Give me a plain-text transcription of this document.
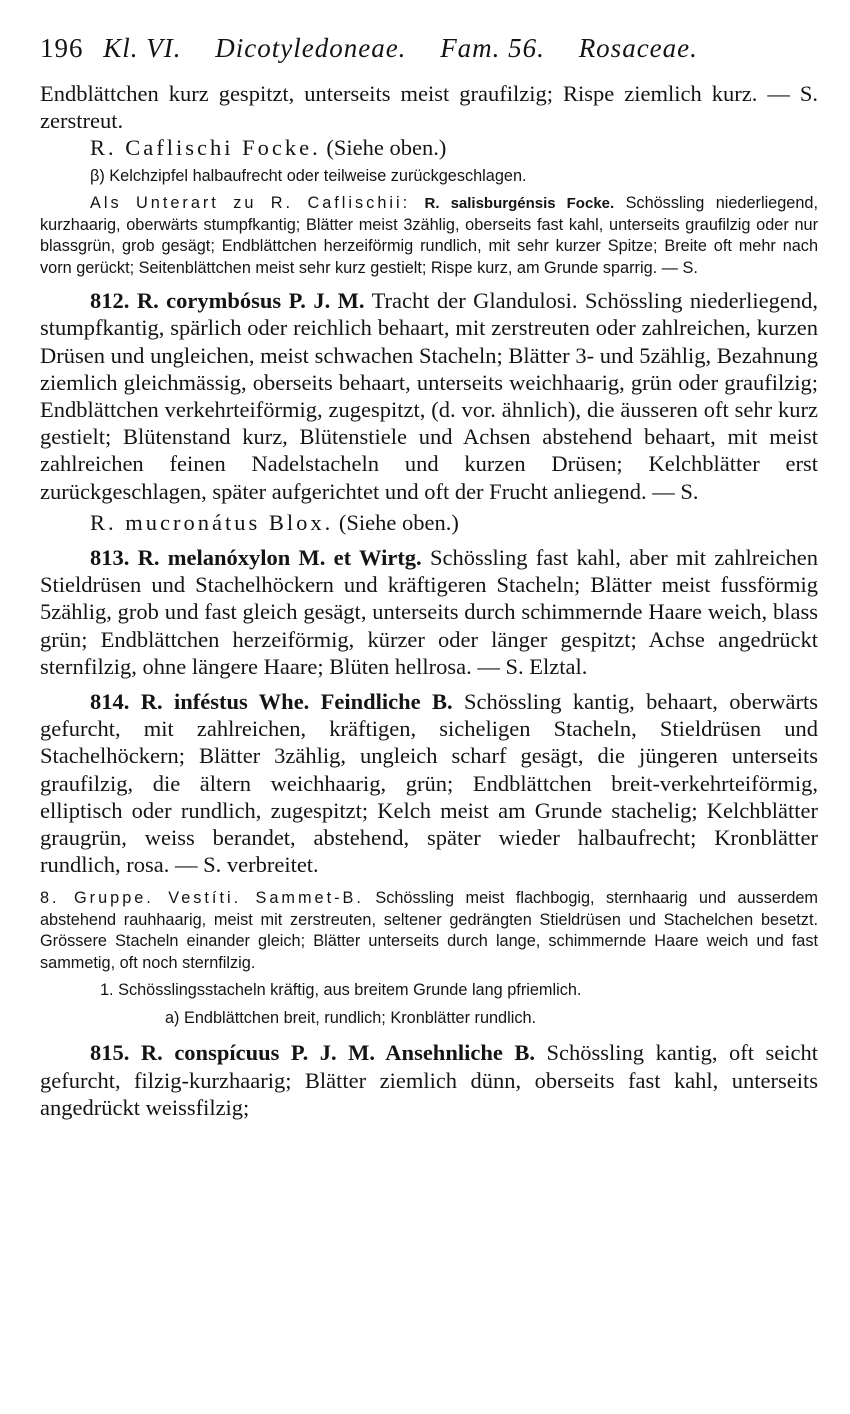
196 Kl. VI. Dicotyledoneae. Fam. 56. Rosaceae.

Endblättchen kurz gespitzt, unterseits meist graufilzig; Rispe ziemlich kurz. — S. zerstreut.

R. Caflischi Focke. (Siehe oben.)

β) Kelchzipfel halbaufrecht oder teilweise zurückgeschlagen.

Als Unterart zu R. Caflischii: R. salisburgénsis Focke. Schössling niederliegend, kurzhaarig, oberwärts stumpfkantig; Blätter meist 3zählig, oberseits fast kahl, unterseits graufilzig oder nur blassgrün, grob gesägt; Endblättchen herzeiförmig rundlich, mit sehr kurzer Spitze; Breite oft mehr nach vorn gerückt; Seitenblättchen meist sehr kurz gestielt; Rispe kurz, am Grunde sparrig. — S.

812. R. corymbósus P. J. M. Tracht der Glandulosi. Schössling niederliegend, stumpfkantig, spärlich oder reichlich behaart, mit zerstreuten oder zahlreichen, kurzen Drüsen und ungleichen, meist schwachen Stacheln; Blätter 3- und 5zählig, Bezahnung ziemlich gleichmässig, oberseits behaart, unterseits weichhaarig, grün oder graufilzig; Endblättchen verkehrteiförmig, zugespitzt, (d. vor. ähnlich), die äusseren oft sehr kurz gestielt; Blütenstand kurz, Blütenstiele und Achsen abstehend behaart, mit meist zahlreichen feinen Nadelstacheln und kurzen Drüsen; Kelchblätter erst zurückgeschlagen, später aufgerichtet und oft der Frucht anliegend. — S.

R. mucronátus Blox. (Siehe oben.)

813. R. melanóxylon M. et Wirtg. Schössling fast kahl, aber mit zahlreichen Stieldrüsen und Stachelhöckern und kräftigeren Stacheln; Blätter meist fussförmig 5zählig, grob und fast gleich gesägt, unterseits durch schimmernde Haare weich, blass grün; Endblättchen herzeiförmig, kürzer oder länger gespitzt; Achse angedrückt sternfilzig, ohne längere Haare; Blüten hellrosa. — S. Elztal.

814. R. inféstus Whe. Feindliche B. Schössling kantig, behaart, oberwärts gefurcht, mit zahlreichen, kräftigen, sicheligen Stacheln, Stieldrüsen und Stachelhöckern; Blätter 3zählig, ungleich scharf gesägt, die jüngeren unterseits graufilzig, die ältern weichhaarig, grün; Endblättchen breit-verkehrteiförmig, elliptisch oder rundlich, zugespitzt; Kelch meist am Grunde stachelig; Kelchblätter graugrün, weiss berandet, abstehend, später wieder halbaufrecht; Kronblätter rundlich, rosa. — S. verbreitet.

8. Gruppe. Vestíti. Sammet-B. Schössling meist flachbogig, sternhaarig und ausserdem abstehend rauhhaarig, meist mit zerstreuten, seltener gedrängten Stieldrüsen und Stachelchen besetzt. Grössere Stacheln einander gleich; Blätter unterseits durch lange, schimmernde Haare weich und fast sammetig, oft noch sternfilzig.

1. Schösslingsstacheln kräftig, aus breitem Grunde lang pfriemlich.

a) Endblättchen breit, rundlich; Kronblätter rundlich.

815. R. conspícuus P. J. M. Ansehnliche B. Schössling kantig, oft seicht gefurcht, filzig-kurzhaarig; Blätter ziemlich dünn, oberseits fast kahl, unterseits angedrückt weissfilzig;
